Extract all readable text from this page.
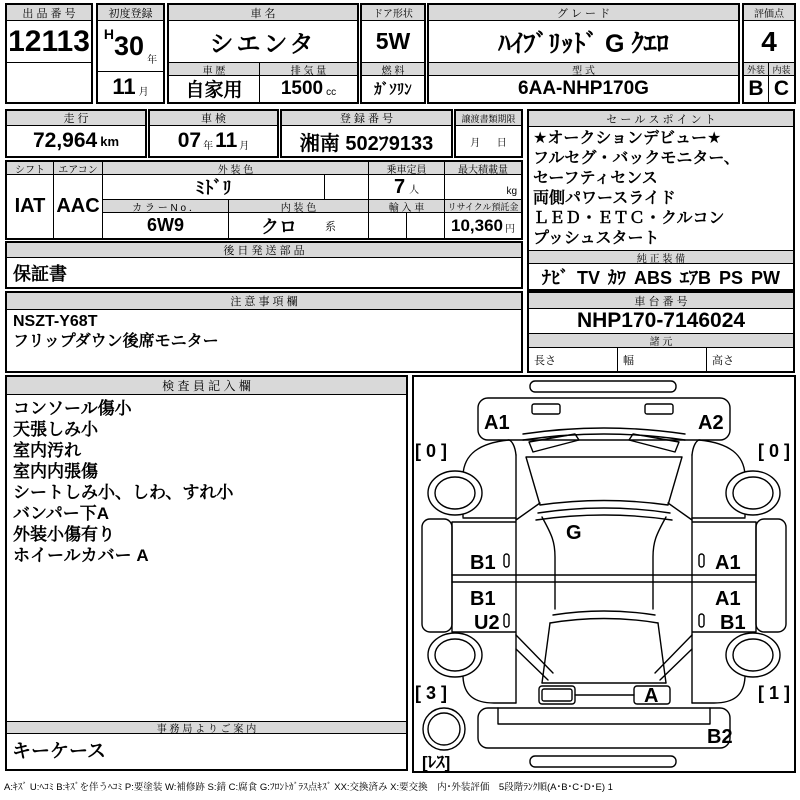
出 品 番 号
12113
初度登録
H 30 年
11 月
車 名
シエンタ
車 歴
自家用
排 気 量
1500 cc
ドア形状
5W
燃 料
ｶﾞｿﾘﾝ
グ レ ー ド
ﾊｲﾌﾞﾘｯﾄﾞ G ｸｴﾛ
型 式
6AA-NHP170G
評価点
4
外装
B
内装
C
走 行
72,964 km
車 検
07 年 11 月
登 録 番 号
湘南 502ﾌ9133
譲渡書類期限
月 日
シフト	エアコン
IAT AAC
外 装 色	乗車定員	最大積載量
ﾐﾄﾞﾘ	7 人	kg
カ ラ ー N o ．	内 装 色	輸 入 車	リサイクル預託金
6W9	クロ	系	10,360 円
後 日 発 送 部 品
保証書
注 意 事 項 欄
NSZT-Y68T
フリップダウン後席モニター
セ ー ル ス ポ イ ン ト
★オークションデビュー★
フルセグ・バックモニター、
セーフティセンス
両側パワースライド
ＬＥＤ・ＥＴＣ・クルコン
プッシュスタート
純 正 装 備
ﾅﾋﾞ TV ｶﾜ ABS ｴｱB PS PW
車 台 番 号
NHP170-7146024
諸 元
長さ	幅	高さ
検 査 員 記 入 欄
コンソール傷小
天張しみ小
室内汚れ
室内内張傷
シートしみ小、しわ、すれ小
バンパー下A
外装小傷有り
ホイールカバー A
事 務 局 よ り ご 案 内
キーケース
A1	A2
[ 0 ]	[ 0 ]
G
B1
B1
U2
A1
A1
B1
[ 3 ]	[ 1 ]
A
B2
[ﾚｽ]
A:ｷｽﾞ U:ﾍｺﾐ B:ｷｽﾞを伴うﾍｺﾐ P:要塗装 W:補修跡 S:錆 C:腐食 G:ﾌﾛﾝﾄｶﾞﾗｽ点ｷｽﾞ XX:交換済み X:要交換　内･外装評価　5段階ﾗﾝｸ順(A･B･C･D･E) 1
